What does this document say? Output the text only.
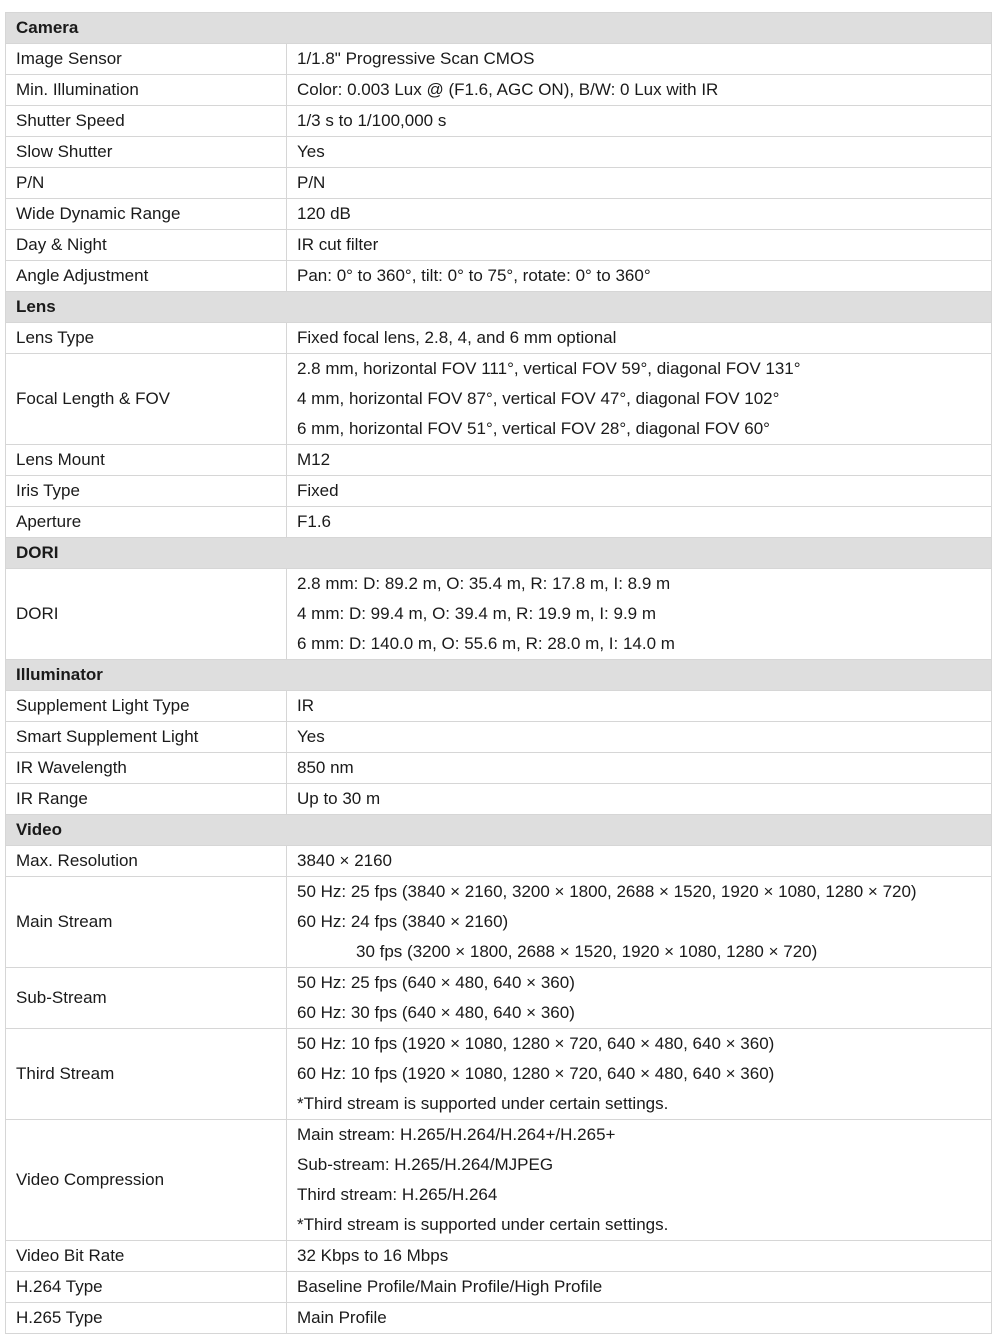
Camera	
Image Sensor	1/1.8" Progressive Scan CMOS

Min. Illumination	Color: 0.003 Lux @ (F1.6, AGC ON), B/W: 0 Lux with IR

Shutter Speed	1/3 s to 1/100,000 s

Slow Shutter	Yes

P/N	P/N

Wide Dynamic Range	120 dB

Day & Night	IR cut filter

Angle Adjustment	Pan: 0° to 360°, tilt: 0° to 75°, rotate: 0° to 360°

Lens	
Lens Type	Fixed focal lens, 2.8, 4, and 6 mm optional

Focal Length & FOV	2.8 mm, horizontal FOV 111°, vertical FOV 59°, diagonal FOV 131°
4 mm, horizontal FOV 87°, vertical FOV 47°, diagonal FOV 102°
6 mm, horizontal FOV 51°, vertical FOV 28°, diagonal FOV 60°

Lens Mount	M12

Iris Type	Fixed

Aperture	F1.6

DORI	
DORI	2.8 mm: D: 89.2 m, O: 35.4 m, R: 17.8 m, I: 8.9 m
4 mm: D: 99.4 m, O: 39.4 m, R: 19.9 m, I: 9.9 m
6 mm: D: 140.0 m, O: 55.6 m, R: 28.0 m, I: 14.0 m

Illuminator	
Supplement Light Type	IR

Smart Supplement Light	Yes

IR Wavelength	850 nm

IR Range	Up to 30 m

Video	
Max. Resolution	3840 × 2160

Main Stream	50 Hz: 25 fps (3840 × 2160, 3200 × 1800, 2688 × 1520, 1920 × 1080, 1280 × 720)
60 Hz: 24 fps (3840 × 2160)
30 fps (3200 × 1800, 2688 × 1520, 1920 × 1080, 1280 × 720)

Sub-Stream	50 Hz: 25 fps (640 × 480, 640 × 360)
60 Hz: 30 fps (640 × 480, 640 × 360)

Third Stream	50 Hz: 10 fps (1920 × 1080, 1280 × 720, 640 × 480, 640 × 360)
60 Hz: 10 fps (1920 × 1080, 1280 × 720, 640 × 480, 640 × 360)
*Third stream is supported under certain settings.

Video Compression	Main stream: H.265/H.264/H.264+/H.265+
Sub-stream: H.265/H.264/MJPEG
Third stream: H.265/H.264
*Third stream is supported under certain settings.

Video Bit Rate	32 Kbps to 16 Mbps

H.264 Type	Baseline Profile/Main Profile/High Profile

H.265 Type	Main Profile
